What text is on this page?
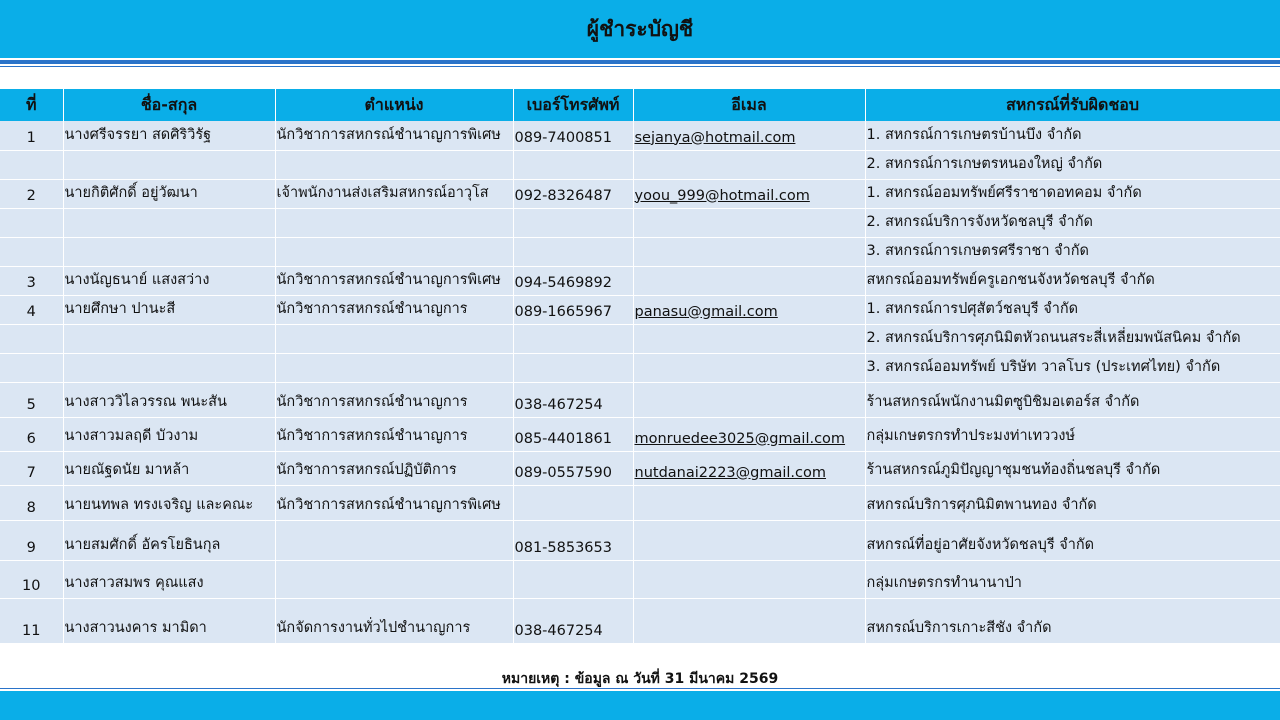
ผู้ชำระบัญชี
ที่	ชื่อ-สกุล	ตำแหน่ง	เบอร์โทรศัพท์	อีเมล	สหกรณ์ที่รับผิดชอบ
1	นางศรีจรรยา สดศิริวิรัฐ	นักวิชาการสหกรณ์ชำนาญการพิเศษ	089-7400851	sejanya@hotmail.com	1. สหกรณ์การเกษตรบ้านบึง จำกัด
					2. สหกรณ์การเกษตรหนองใหญ่ จำกัด
2	นายกิติศักดิ์ อยู่วัฒนา	เจ้าพนักงานส่งเสริมสหกรณ์อาวุโส	092-8326487	yoou_999@hotmail.com	1. สหกรณ์ออมทรัพย์ศรีราชาดอทคอม จำกัด
					2. สหกรณ์บริการจังหวัดชลบุรี จำกัด
					3. สหกรณ์การเกษตรศรีราชา จำกัด
3	นางนัญธนาย์ แสงสว่าง	นักวิชาการสหกรณ์ชำนาญการพิเศษ	094-5469892		สหกรณ์ออมทรัพย์ครูเอกชนจังหวัดชลบุรี จำกัด
4	นายศึกษา ปานะสี	นักวิชาการสหกรณ์ชำนาญการ	089-1665967	panasu@gmail.com	1. สหกรณ์การปศุสัตว์ชลบุรี จำกัด
					2. สหกรณ์บริการศุภนิมิตหัวถนนสระสี่เหลี่ยมพนัสนิคม จำกัด
					3. สหกรณ์ออมทรัพย์ บริษัท วาลโบร (ประเทศไทย) จำกัด
5	นางสาววิไลวรรณ พนะสัน	นักวิชาการสหกรณ์ชำนาญการ	038-467254		ร้านสหกรณ์พนักงานมิตซูบิชิมอเตอร์ส จำกัด
6	นางสาวมลฤดี บัวงาม	นักวิชาการสหกรณ์ชำนาญการ	085-4401861	monruedee3025@gmail.com	กลุ่มเกษตรกรทำประมงท่าเทววงษ์
7	นายณัฐดนัย มาหล้า	นักวิชาการสหกรณ์ปฏิบัติการ	089-0557590	nutdanai2223@gmail.com	ร้านสหกรณ์ภูมิปัญญาชุมชนท้องถิ่นชลบุรี จำกัด
8	นายนทพล ทรงเจริญ และคณะ	นักวิชาการสหกรณ์ชำนาญการพิเศษ			สหกรณ์บริการศุภนิมิตพานทอง จำกัด
9	นายสมศักดิ์ อัครโยธินกุล		081-5853653		สหกรณ์ที่อยู่อาศัยจังหวัดชลบุรี จำกัด
10	นางสาวสมพร คุณแสง				กลุ่มเกษตรกรทำนานาป่า
11	นางสาวนงคาร มามิดา	นักจัดการงานทั่วไปชำนาญการ	038-467254		สหกรณ์บริการเกาะสีชัง จำกัด
หมายเหตุ : ข้อมูล ณ วันที่ 31 มีนาคม 2569
